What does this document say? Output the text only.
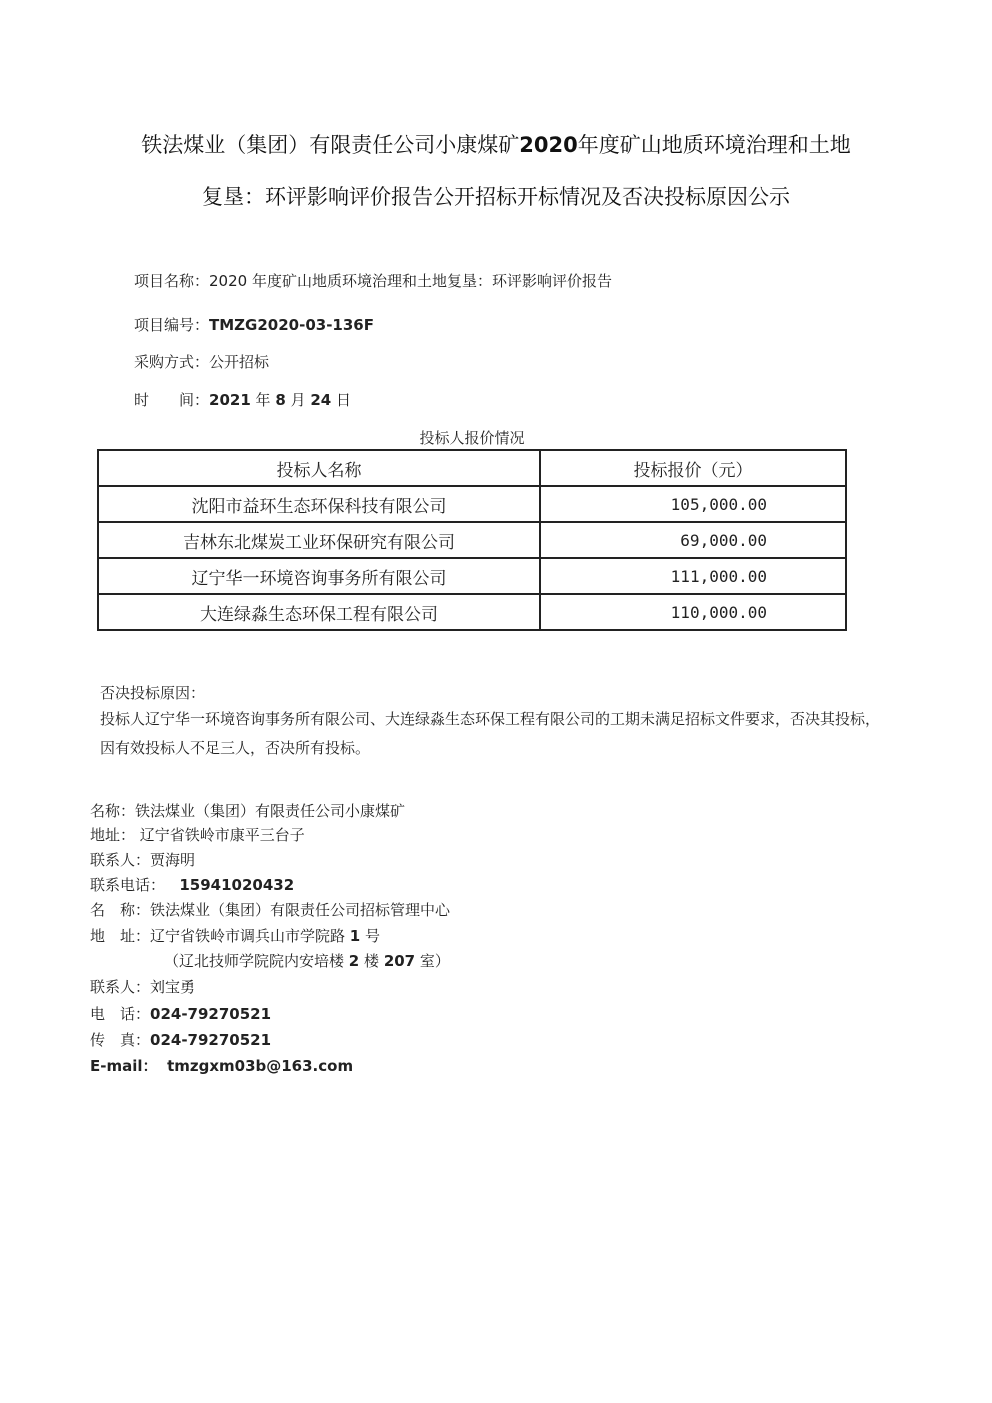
铁法煤业（集团）有限责任公司小康煤矿2020年度矿山地质环境治理和土地
复垦：环评影响评价报告公开招标开标情况及否决投标原因公示
项目名称：2020 年度矿山地质环境治理和土地复垦：环评影响评价报告
项目编号：TMZG2020-03-136F
采购方式：公开招标
时　　间：2021 年 8 月 24 日
投标人报价情况
投标人名称	投标报价（元）
沈阳市益环生态环保科技有限公司	105,000.00
吉林东北煤炭工业环保研究有限公司	69,000.00
辽宁华一环境咨询事务所有限公司	111,000.00
大连绿淼生态环保工程有限公司	110,000.00
否决投标原因：
投标人辽宁华一环境咨询事务所有限公司、大连绿淼生态环保工程有限公司的工期未满足招标文件要求，否决其投标，因有效投标人不足三人，否决所有投标。
名称：铁法煤业（集团）有限责任公司小康煤矿
地址： 辽宁省铁岭市康平三台子
联系人：贾海明
联系电话： 15941020432
名　称：铁法煤业（集团）有限责任公司招标管理中心
地　址：辽宁省铁岭市调兵山市学院路 1 号
（辽北技师学院院内安培楼 2 楼 207 室）
联系人：刘宝勇
电　话：024-79270521
传　真：024-79270521
E-mail： tmzgxm03b@163.com
